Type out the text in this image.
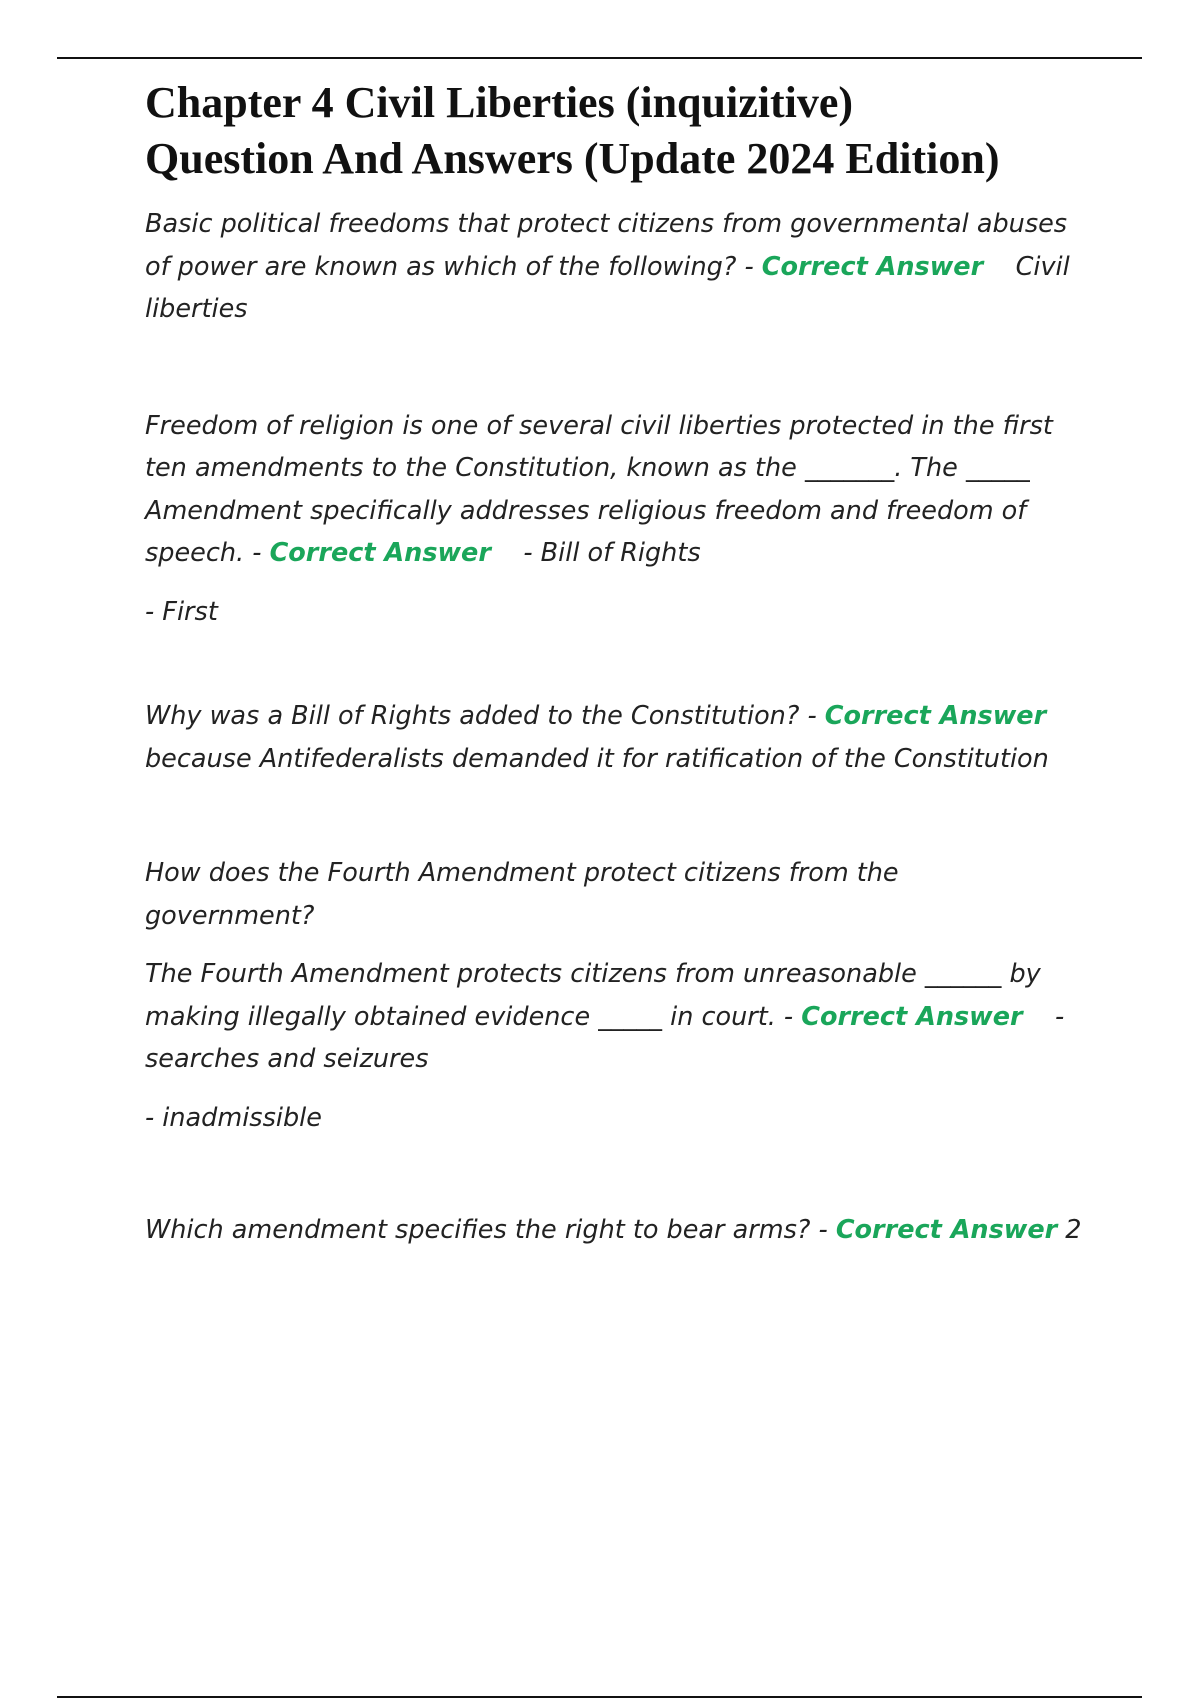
Chapter 4 Civil Liberties (inquizitive)
Question And Answers (Update 2024 Edition)

Basic political freedoms that protect citizens from governmental abuses of power are known as which of the following? - Correct Answer    Civil liberties

Freedom of religion is one of several civil liberties protected in the first ten amendments to the Constitution, known as the _______. The _____ Amendment specifically addresses religious freedom and freedom of speech. - Correct Answer    - Bill of Rights

- First

Why was a Bill of Rights added to the Constitution? - Correct Answer because Antifederalists demanded it for ratification of the Constitution

How does the Fourth Amendment protect citizens from the government?

The Fourth Amendment protects citizens from unreasonable ______ by making illegally obtained evidence _____ in court. - Correct Answer    - searches and seizures

- inadmissible

Which amendment specifies the right to bear arms? - Correct Answer 2
